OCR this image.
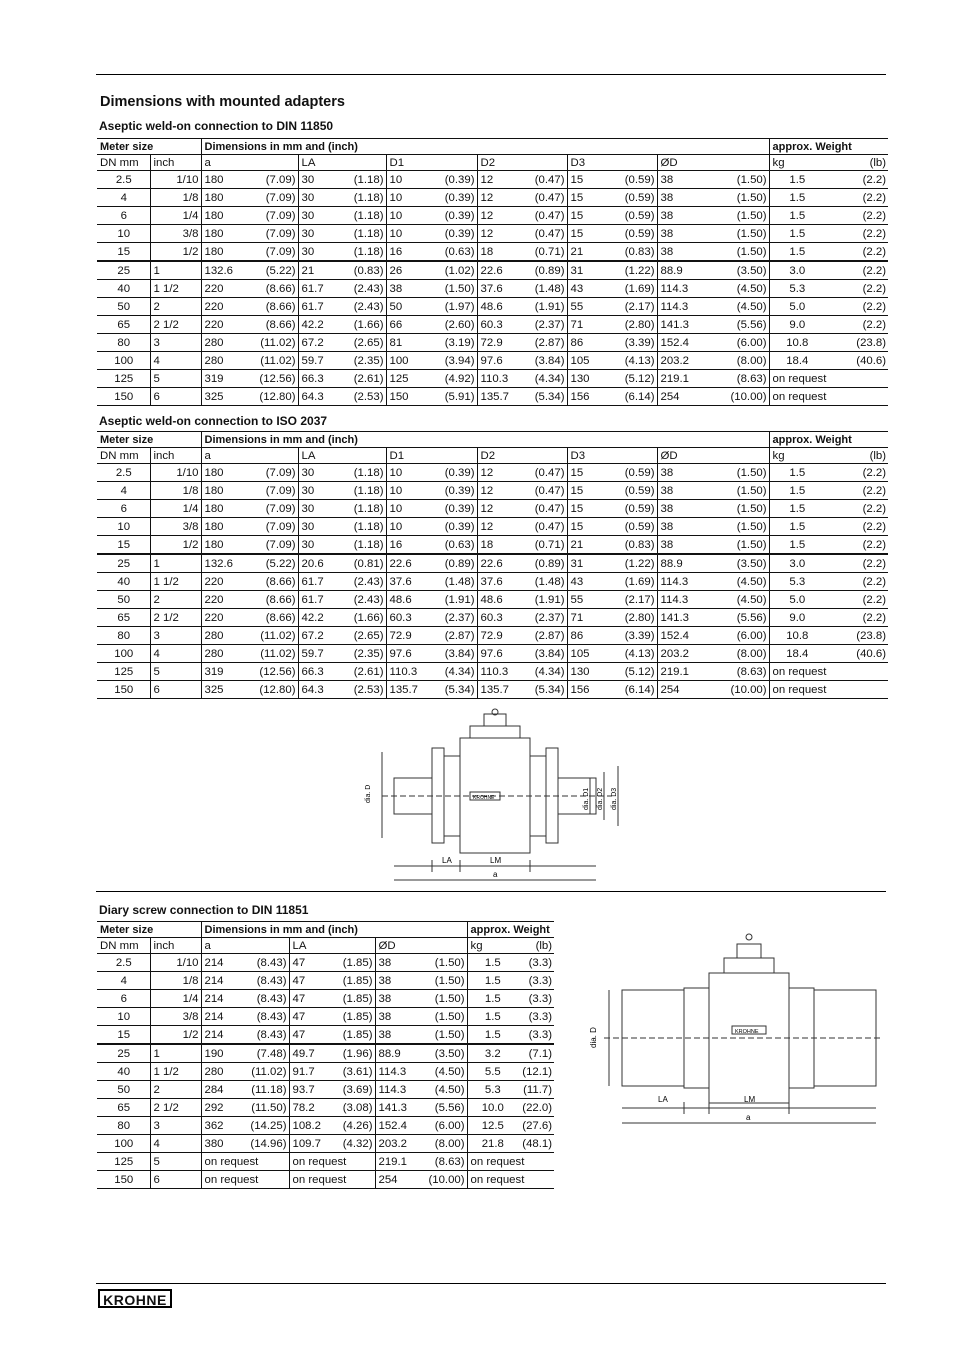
Dimensions with mounted adapters
Aseptic weld-on connection to DIN 11850
Meter size		Dimensions in mm and (inch)												approx. Weight	
DN mm	inch	a		LA		D1		D2		D3		ØD		kg	(lb)
2.5	1/10	180	(7.09)	30	(1.18)	10	(0.39)	12	(0.47)	15	(0.59)	38	(1.50)	1.5	(2.2)
4	1/8	180	(7.09)	30	(1.18)	10	(0.39)	12	(0.47)	15	(0.59)	38	(1.50)	1.5	(2.2)
6	1/4	180	(7.09)	30	(1.18)	10	(0.39)	12	(0.47)	15	(0.59)	38	(1.50)	1.5	(2.2)
10	3/8	180	(7.09)	30	(1.18)	10	(0.39)	12	(0.47)	15	(0.59)	38	(1.50)	1.5	(2.2)
15	1/2	180	(7.09)	30	(1.18)	16	(0.63)	18	(0.71)	21	(0.83)	38	(1.50)	1.5	(2.2)
25	1	132.6	(5.22)	21	(0.83)	26	(1.02)	22.6	(0.89)	31	(1.22)	88.9	(3.50)	3.0	(2.2)
40	1 1/2	220	(8.66)	61.7	(2.43)	38	(1.50)	37.6	(1.48)	43	(1.69)	114.3	(4.50)	5.3	(2.2)
50	2	220	(8.66)	61.7	(2.43)	50	(1.97)	48.6	(1.91)	55	(2.17)	114.3	(4.50)	5.0	(2.2)
65	2 1/2	220	(8.66)	42.2	(1.66)	66	(2.60)	60.3	(2.37)	71	(2.80)	141.3	(5.56)	9.0	(2.2)
80	3	280	(11.02)	67.2	(2.65)	81	(3.19)	72.9	(2.87)	86	(3.39)	152.4	(6.00)	10.8	(23.8)
100	4	280	(11.02)	59.7	(2.35)	100	(3.94)	97.6	(3.84)	105	(4.13)	203.2	(8.00)	18.4	(40.6)
125	5	319	(12.56)	66.3	(2.61)	125	(4.92)	110.3	(4.34)	130	(5.12)	219.1	(8.63)	on request	
150	6	325	(12.80)	64.3	(2.53)	150	(5.91)	135.7	(5.34)	156	(6.14)	254	(10.00)	on request	
Aseptic weld-on connection to ISO 2037
Meter size		Dimensions in mm and (inch)												approx. Weight	
DN mm	inch	a		LA		D1		D2		D3		ØD		kg	(lb)
2.5	1/10	180	(7.09)	30	(1.18)	10	(0.39)	12	(0.47)	15	(0.59)	38	(1.50)	1.5	(2.2)
4	1/8	180	(7.09)	30	(1.18)	10	(0.39)	12	(0.47)	15	(0.59)	38	(1.50)	1.5	(2.2)
6	1/4	180	(7.09)	30	(1.18)	10	(0.39)	12	(0.47)	15	(0.59)	38	(1.50)	1.5	(2.2)
10	3/8	180	(7.09)	30	(1.18)	10	(0.39)	12	(0.47)	15	(0.59)	38	(1.50)	1.5	(2.2)
15	1/2	180	(7.09)	30	(1.18)	16	(0.63)	18	(0.71)	21	(0.83)	38	(1.50)	1.5	(2.2)
25	1	132.6	(5.22)	20.6	(0.81)	22.6	(0.89)	22.6	(0.89)	31	(1.22)	88.9	(3.50)	3.0	(2.2)
40	1 1/2	220	(8.66)	61.7	(2.43)	37.6	(1.48)	37.6	(1.48)	43	(1.69)	114.3	(4.50)	5.3	(2.2)
50	2	220	(8.66)	61.7	(2.43)	48.6	(1.91)	48.6	(1.91)	55	(2.17)	114.3	(4.50)	5.0	(2.2)
65	2 1/2	220	(8.66)	42.2	(1.66)	60.3	(2.37)	60.3	(2.37)	71	(2.80)	141.3	(5.56)	9.0	(2.2)
80	3	280	(11.02)	67.2	(2.65)	72.9	(2.87)	72.9	(2.87)	86	(3.39)	152.4	(6.00)	10.8	(23.8)
100	4	280	(11.02)	59.7	(2.35)	97.6	(3.84)	97.6	(3.84)	105	(4.13)	203.2	(8.00)	18.4	(40.6)
125	5	319	(12.56)	66.3	(2.61)	110.3	(4.34)	110.3	(4.34)	130	(5.12)	219.1	(8.63)	on request	
150	6	325	(12.80)	64.3	(2.53)	135.7	(5.34)	135.7	(5.34)	156	(6.14)	254	(10.00)	on request	
dia. D	dia. D1 dia. D2 dia. D3
KROHNE
LA	LM
a
Diary screw connection to DIN 11851
Meter size		Dimensions in mm and (inch)						approx. Weight	
DN mm	inch	a		LA		ØD		kg	(lb)
2.5	1/10	214	(8.43)	47	(1.85)	38	(1.50)	1.5	(3.3)
4	1/8	214	(8.43)	47	(1.85)	38	(1.50)	1.5	(3.3)
6	1/4	214	(8.43)	47	(1.85)	38	(1.50)	1.5	(3.3)
10	3/8	214	(8.43)	47	(1.85)	38	(1.50)	1.5	(3.3)
15	1/2	214	(8.43)	47	(1.85)	38	(1.50)	1.5	(3.3)
25	1	190	(7.48)	49.7	(1.96)	88.9	(3.50)	3.2	(7.1)
40	1 1/2	280	(11.02)	91.7	(3.61)	114.3	(4.50)	5.5	(12.1)
50	2	284	(11.18)	93.7	(3.69)	114.3	(4.50)	5.3	(11.7)
65	2 1/2	292	(11.50)	78.2	(3.08)	141.3	(5.56)	10.0	(22.0)
80	3	362	(14.25)	108.2	(4.26)	152.4	(6.00)	12.5	(27.6)
100	4	380	(14.96)	109.7	(4.32)	203.2	(8.00)	21.8	(48.1)
125	5	on request		on request		219.1	(8.63)	on request	
150	6	on request		on request		254	(10.00)	on request	
dia. D	KROHNE
LA	LM
a
KROHNE
